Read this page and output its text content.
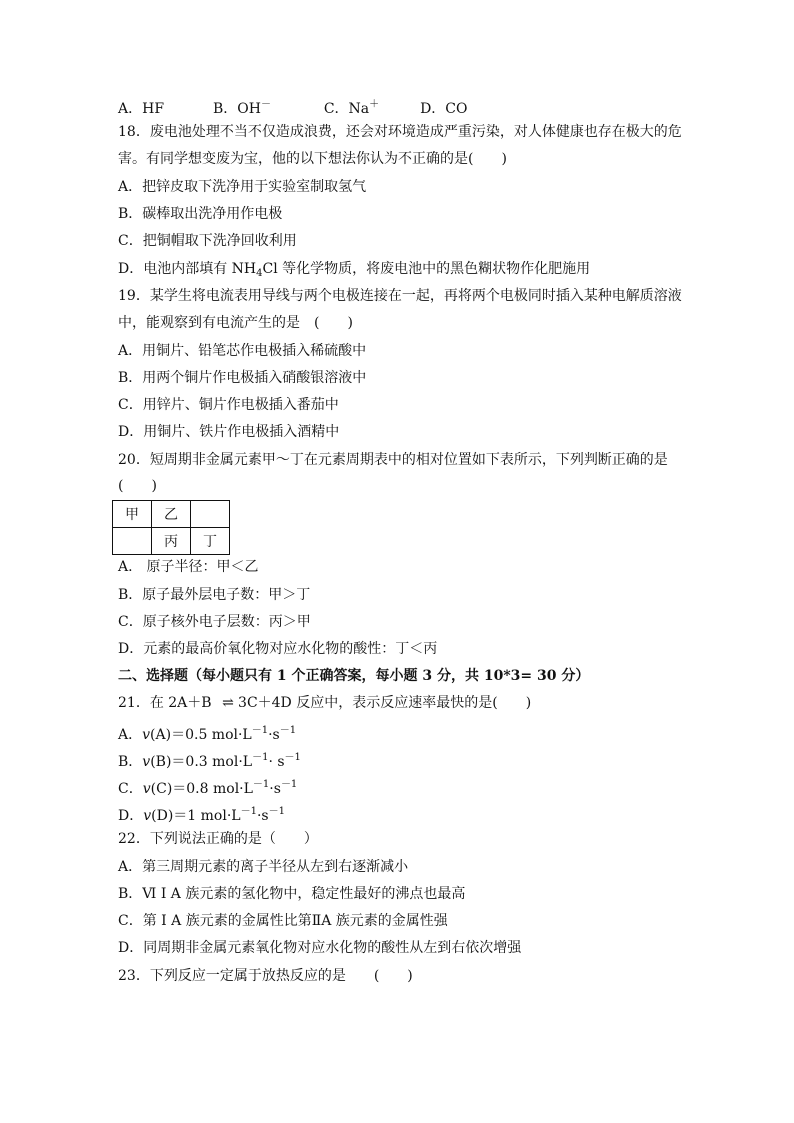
A．HF	B．OH－	C．Na＋	D．CO
18．废电池处理不当不仅造成浪费，还会对环境造成严重污染，对人体健康也存在极大的危
害。有同学想变废为宝，他的以下想法你认为不正确的是(　　)
A．把锌皮取下洗净用于实验室制取氢气
B．碳棒取出洗净用作电极
C．把铜帽取下洗净回收利用
D．电池内部填有 $NH_4Cl$ 等化学物质，将废电池中的黑色糊状物作化肥施用
19．某学生将电流表用导线与两个电极连接在一起，再将两个电极同时插入某种电解质溶液
中，能观察到有电流产生的是　(　　)
A．用铜片、铅笔芯作电极插入稀硫酸中
B．用两个铜片作电极插入硝酸银溶液中
C．用锌片、铜片作电极插入番茄中
D．用铜片、铁片作电极插入酒精中
20．短周期非金属元素甲～丁在元素周期表中的相对位置如下表所示，下列判断正确的是
(　　)
甲	乙	
	丙	丁
A.　原子半径：甲＜乙
B．原子最外层电子数：甲＞丁
C．原子核外电子层数：丙＞甲
D．元素的最高价氧化物对应水化物的酸性：丁＜丙
二、选择题（每小题只有 1 个正确答案，每小题 3 分，共 10*3= 30 分）
21．在 2A＋B ⇌ 3C＋4D 反应中，表示反应速率最快的是(　　)
A．v(A)＝0.5 $mol\cdot L^{-1}\cdot s^{-1}$
B．v(B)＝0.3 $mol\cdot L^{-1}\cdot s^{-1}$
C．v(C)＝0.8 $mol\cdot L^{-1}\cdot s^{-1}$
D．v(D)＝1 $mol\cdot L^{-1}\cdot s^{-1}$
22．下列说法正确的是（　　）
A．第三周期元素的离子半径从左到右逐渐减小
B．Ⅵ I A 族元素的氢化物中，稳定性最好的沸点也最高
C．第 I A 族元素的金属性比第ⅡA 族元素的金属性强
D．同周期非金属元素氧化物对应水化物的酸性从左到右依次增强
23．下列反应一定属于放热反应的是　　(　　)
